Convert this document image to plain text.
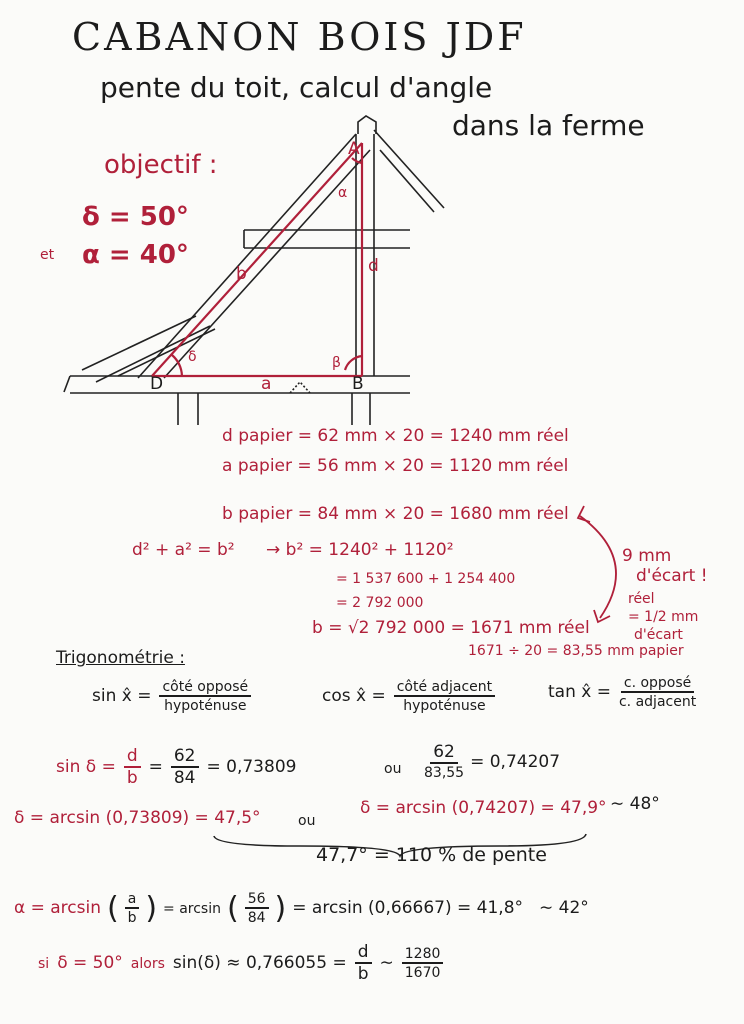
A
α
d
b
δ	β
D	a	B
CABANON BOIS JDF
pente du toit, calcul d'angle
dans la ferme
objectif :
δ = 50°
et α = 40°
d papier = 62 mm × 20 = 1240 mm réel
a papier = 56 mm × 20 = 1120 mm réel
b papier = 84 mm × 20 = 1680 mm réel
d² + a² = b² → b² = 1240² + 1120²
= 1 537 600 + 1 254 400
= 2 792 000
b = √2 792 000 = 1671 mm réel
1671 ÷ 20 = 83,55 mm papier
9 mm
d'écart !
réel
= 1/2 mm
d'écart
Trigonométrie :
sin x̂ = $\frac{\text{côté opposé}}{\text{hypoténuse}}$	cos x̂ = $\frac{\text{côté adjacent}}{\text{hypoténuse}}$	tan x̂ = $\frac{\text{c. opposé}}{\text{c. adjacent}}$
$\sin \delta = \frac{d}{b} = \frac{62}{84} = 0,73809$	ou $\frac{62}{83,55} = 0,74207$
δ = arcsin (0,73809) = 47,5°	ou
δ = arcsin (0,74207) = 47,9° ∼ 48°
47,7° = 110 % de pente
α = arcsin ( $\frac{a}{b}$ ) = arcsin ( $\frac{56}{84}$ ) = arcsin (0,66667) = 41,8° ∼ 42°
si δ = 50° alors $\sin(\delta) \approx 0,766055 = \frac{d}{b}$ ∼ $\frac{1280}{1670}$
